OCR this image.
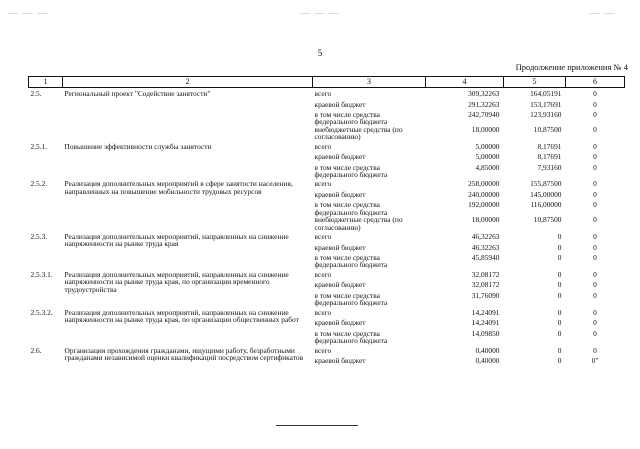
— — —	— — —	— —
5
Продолжение приложения № 4
1	2	3	4	5	6
2.5.	Региональный проект "Содействие занятости"	всего	309,32263	164,05191	0
		краевой бюджет	291,32263	153,17691	0
		в том числе средства федерального бюджета	242,70940	123,93160	0
		внебюджетные средства (по согласованию)	18,00000	10,87500	0
2.5.1.	Повышение эффективности службы занятости	всего	5,00000	8,17691	0
		краевой бюджет	5,00000	8,17691	0
		в том числе средства федерального бюджета	4,85000	7,93160	0
2.5.2.	Реализация дополнительных мероприятий в сфере занятости населения, направленных на повышение мобильности трудовых ресурсов	всего	258,00000	155,87500	0
		краевой бюджет	240,00000	145,00000	0
		в том числе средства федерального бюджета	192,00000	116,00000	0
		внебюджетные средства (по согласованию)	18,00000	10,87500	0
2.5.3.	Реализация дополнительных мероприятий, направленных на снижение напряженности на рынке труда края	всего	46,32263	0	0
		краевой бюджет	46,32263	0	0
		в том числе средства федерального бюджета	45,85940	0	0
2.5.3.1.	Реализация дополнительных мероприятий, направленных на снижение напряженности на рынке труда края, по организации временного трудоустройства	всего	32,08172	0	0
		краевой бюджет	32,08172	0	0
		в том числе средства федерального бюджета	31,76090	0	0
2.5.3.2.	Реализация дополнительных мероприятий, направленных на снижение напряженности на рынке труда края, по организации общественных работ	всего	14,24091	0	0
		краевой бюджет	14,24091	0	0
		в том числе средства федерального бюджета	14,09850	0	0
2.6.	Организация прохождения гражданами, ищущими работу, безработными гражданами независимой оценки квалификаций посредством сертификатов	всего	0,40000	0	0
		краевой бюджет	0,40000	0	0"
